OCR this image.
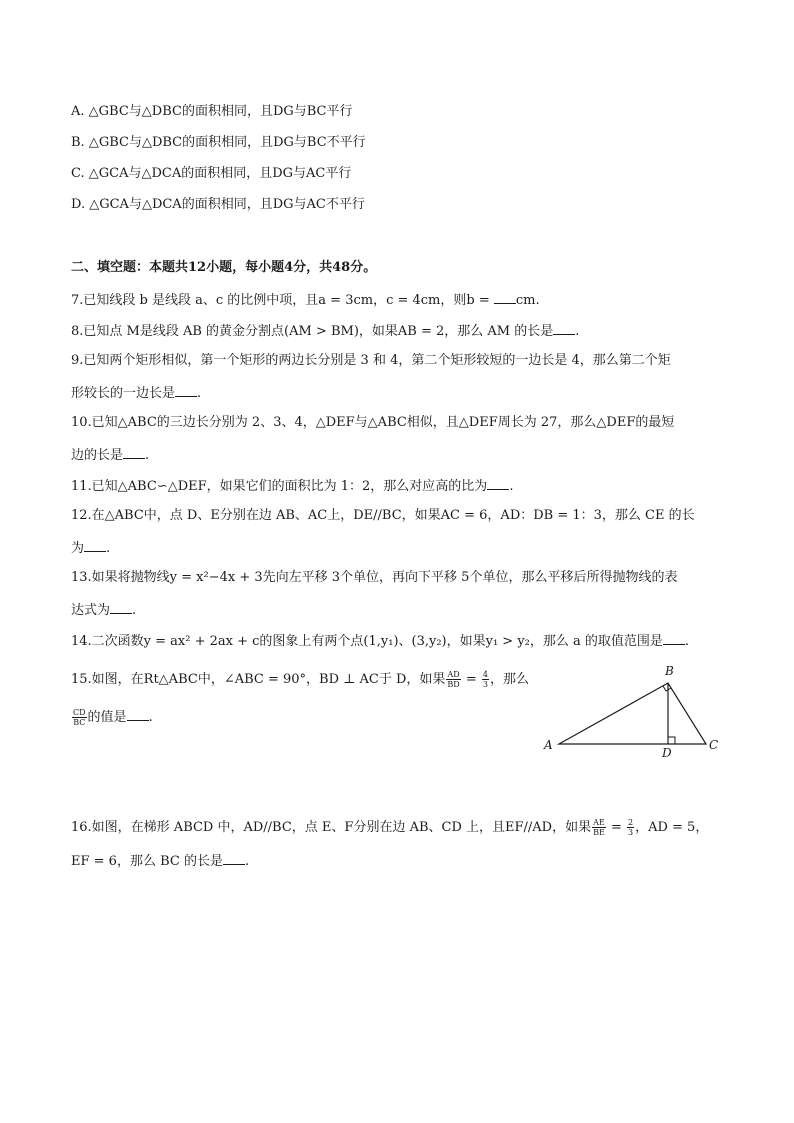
A. △GBC与△DBC的面积相同，且DG与BC平行
B. △GBC与△DBC的面积相同，且DG与BC不平行
C. △GCA与△DCA的面积相同，且DG与AC平行
D. △GCA与△DCA的面积相同，且DG与AC不平行
二、填空题：本题共12小题，每小题4分，共48分。
7.已知线段 b 是线段 a、c 的比例中项，且a = 3cm，c = 4cm，则b = cm.
8.已知点 M是线段 AB 的黄金分割点(AM > BM)，如果AB = 2，那么 AM 的长是 .
9.已知两个矩形相似，第一个矩形的两边长分别是 3 和 4，第二个矩形较短的一边长是 4，那么第二个矩
形较长的一边长是 .
10.已知△ABC的三边长分别为 2、3、4，△DEF与△ABC相似，且△DEF周长为 27，那么△DEF的最短
边的长是 .
11.已知△ABC∽△DEF，如果它们的面积比为 1：2，那么对应高的比为 .
12.在△ABC中，点 D、E分别在边 AB、AC上，DE//BC，如果AC = 6，AD：DB = 1：3，那么 CE 的长
为 .
13.如果将抛物线y = x²−4x + 3先向左平移 3个单位，再向下平移 5个单位，那么平移后所得抛物线的表
达式为 .
14.二次函数y = ax² + 2ax + c的图象上有两个点(1,y₁)、(3,y₂)，如果y₁ > y₂，那么 a 的取值范围是 .
15.如图，在Rt△ABC中，∠ABC = 90°，BD ⊥ AC于 D，如果 $\frac{AD}{BD} = \frac{4}{3}$ ，那么
$\frac{CD}{BC}$ 的值是 .
A
B
C
D
16.如图，在梯形 ABCD 中，AD//BC，点 E、F分别在边 AB、CD 上，且EF//AD，如果 $\frac{AE}{BE} = \frac{2}{3}$ ，AD = 5，
EF = 6，那么 BC 的长是 .
